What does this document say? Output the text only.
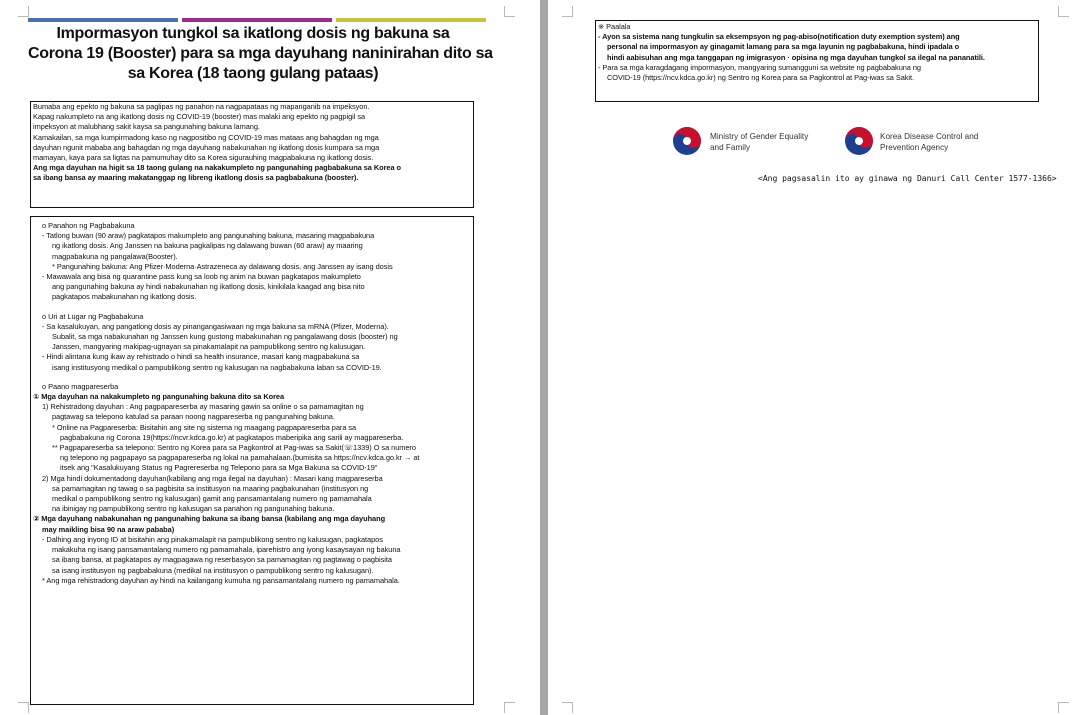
Impormasyon tungkol sa ikatlong dosis ng bakuna sa
Corona 19 (Booster) para sa mga dayuhang naninirahan dito sa
sa Korea (18 taong gulang pataas)
Bumaba ang epekto ng bakuna sa paglipas ng panahon na nagpapataas ng mapanganib na impeksyon.
Kapag nakumpleto na ang ikatlong dosis ng COVID-19 (booster) mas malaki ang epekto ng pagpigil sa
impeksyon at malubhang sakit kaysa sa pangunahing bakuna lamang.
Kamakailan, sa mga kumpirmadong kaso ng nagpositibo ng COVID-19 mas mataas ang bahagdan ng mga
dayuhan ngunit mababa ang bahagdan ng mga dayuhang nabakunahan ng ikatlong dosis kumpara sa mga
mamayan, kaya para sa ligtas na pamumuhay dito sa Korea sigurauhing magpabakuna ng ikatlong dosis.
Ang mga dayuhan na higit sa 18 taong gulang na nakakumpleto ng pangunahing pagbabakuna sa Korea o
sa ibang bansa ay maaring makatanggap ng libreng ikatlong dosis sa pagbabakuna (booster).
o Panahon ng Pagbabakuna
- Tatlong buwan (90 araw) pagkatapos makumpleto ang pangunahing bakuna, masaring magpabakuna
ng ikatlong dosis. Ang Janssen na bakuna pagkalipas ng dalawang buwan (60 araw) ay maaring
magpabakuna ng pangalawa(Booster).
* Pangunahing bakuna: Ang Pfizer·Moderna·Astrazeneca ay dalawang dosis, ang Janssen ay isang dosis
- Mawawala ang bisa ng quarantine pass kung sa loob ng anim na buwan pagkatapos makumpleto
ang pangunahing bakuna ay hindi nabakunahan ng ikatlong dosis, kinikilala kaagad ang bisa nito
pagkatapos mabakunahan ng ikatlong dosis.
o Uri at Lugar ng Pagbabakuna
- Sa kasalukuyan, ang pangatlong dosis ay pinangangasiwaan ng mga bakuna sa mRNA (Pfizer, Moderna).
Subalit, sa mga nabakunahan ng Janssen kung gustong mabakunahan ng pangalawang dosis (booster) ng
Janssen, mangyaring makipag-ugnayan sa pinakamalapit na pampublikong sentro ng kalusugan.
- Hindi alintana kung ikaw ay rehistrado o hindi sa health insurance, masari kang magpabakuna sa
isang institusyong medikal o pampublikong sentro ng kalusugan na nagbabakuna laban sa COVID-19.
o Paano magpareserba
① Mga dayuhan na nakakumpleto ng pangunahing bakuna dito sa Korea
1) Rehistradong dayuhan : Ang pagpapareserba ay masaring gawin sa online o sa pamamagitan ng
pagtawag sa telepono katulad sa paraan noong nagpareserba ng pangunahing bakuna.
* Online na Pagpareserba: Bisitahin ang site ng sistema ng maagang pagpapareserba para sa
pagbabakuna ng Corona 19(https://ncvr.kdca.go.kr) at pagkatapos maberipika ang sarili ay magpareserba.
** Pagpapareserba sa telepono: Sentro ng Korea para sa Pagkontrol at Pag-iwas sa Sakit(☏1339) O sa numero
ng telepono ng pagpapayo sa pagpapareserba ng lokal na pamahalaan.(bumisita sa https://ncv.kdca.go.kr → at
itsek ang "Kasalukuyang Status ng Pagrereserba ng Telepono para sa Mga Bakuna sa COVID-19"
2) Mga hindi dokumentadong dayuhan(kabilang ang mga ilegal na dayuhan) : Masari kang magpareserba
sa pamamagitan ng tawag o sa pagbisita sa institusyon na maaring pagbakunahan (institusyon ng
medikal o pampublikong sentro ng kalusugan) gamit ang pansamantalang numero ng pamamahala
na ibinigay ng pampublikong sentro ng kalusugan sa panahon ng pangunahing bakuna.
② Mga dayuhang nabakunahan ng pangunahing bakuna sa ibang bansa (kabilang ang mga dayuhang
may maikling bisa 90 na araw pababa)
- Dalhing ang inyong ID at bisitahin ang pinakamalapit na pampublikong sentro ng kalusugan, pagkatapos
makakuha ng isang pansamantalang numero ng pamamahala, iparehistro ang iyong kasaysayan ng bakuna
sa ibang bansa, at pagkatapos ay magpagawa ng reserbasyon sa pamamagitan ng pagtawag o pagbisita
sa isang institusyon ng pagbabakuna (medikal na institusyon o pampublikong sentro ng kalusugan).
* Ang mga rehistradong dayuhan ay hindi na kailangang kumuha ng pansamantalang numero ng pamamahala.
※ Paalala
- Ayon sa sistema nang tungkulin sa eksempsyon ng pag-abiso(notification duty exemption system) ang
personal na impormasyon ay ginagamit lamang para sa mga layunin ng pagbabakuna, hindi ipadala o
hindi aabisuhan ang mga tanggapan ng imigrasyon · opisina ng mga dayuhan tungkol sa ilegal na pananatili.
- Para sa mga karagdagang impormasyon, mangyaring sumangguni sa website ng pagbabakuna ng
COVID-19 (https://ncv.kdca.go.kr) ng Sentro ng Korea para sa Pagkontrol at Pag-iwas sa Sakit.
Ministry of Gender Equality
and Family
Korea Disease Control and
Prevention Agency
<Ang pagsasalin ito ay ginawa ng Danuri Call Center 1577-1366>
